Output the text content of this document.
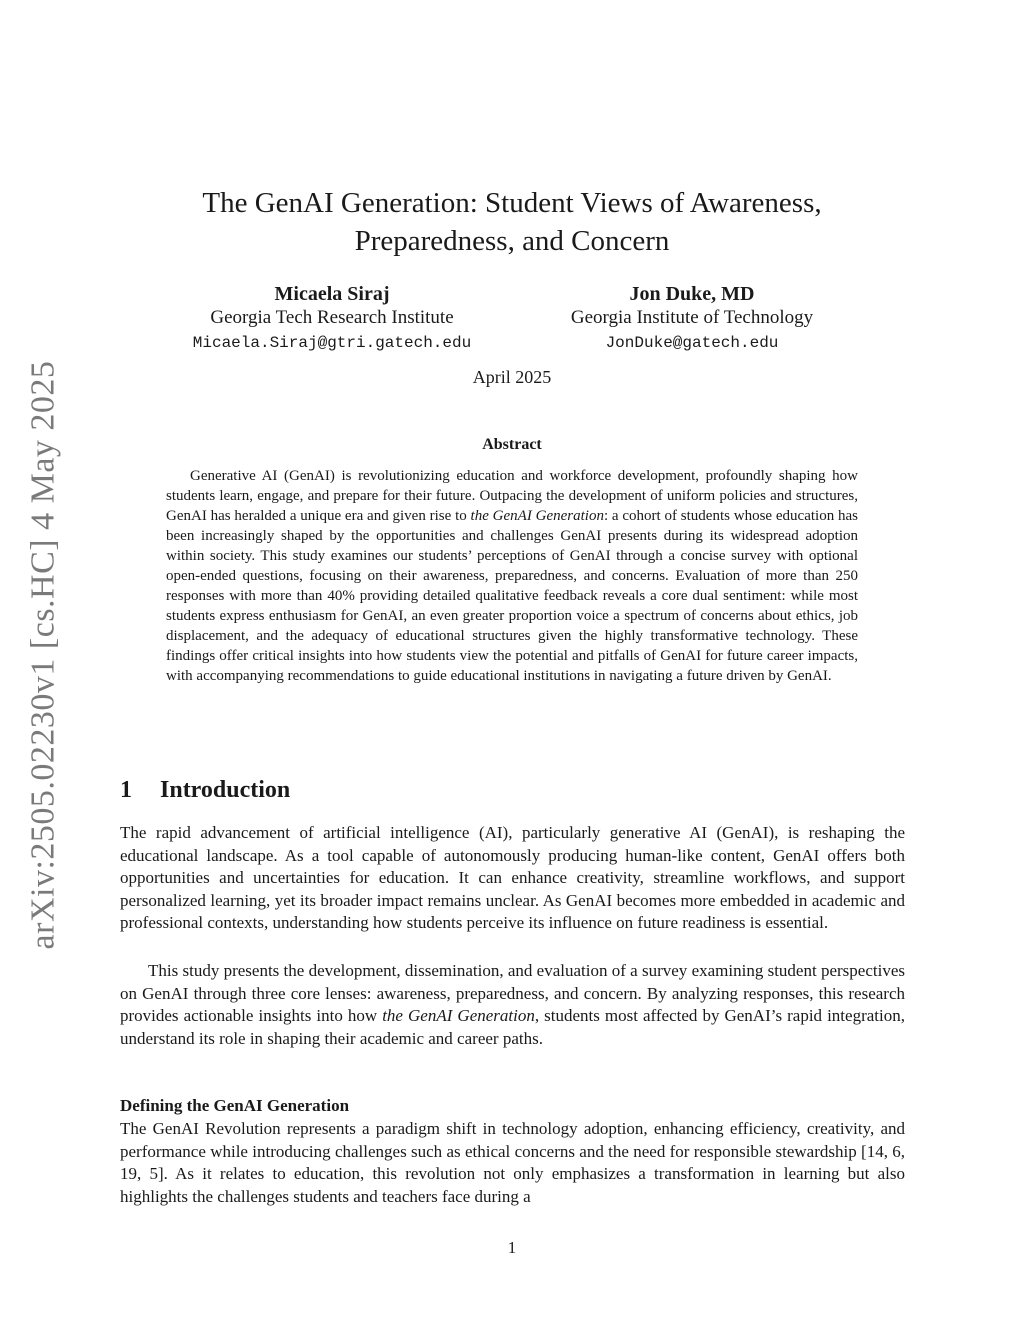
arXiv:2505.02230v1 [cs.HC] 4 May 2025
The GenAI Generation: Student Views of Awareness,
Preparedness, and Concern
Micaela Siraj
Georgia Tech Research Institute
Micaela.Siraj@gtri.gatech.edu
Jon Duke, MD
Georgia Institute of Technology
JonDuke@gatech.edu
April 2025
Abstract

Generative AI (GenAI) is revolutionizing education and workforce development, profoundly shaping how students learn, engage, and prepare for their future. Outpacing the development of uniform policies and structures, GenAI has heralded a unique era and given rise to the GenAI Generation: a cohort of students whose education has been increasingly shaped by the opportunities and challenges GenAI presents during its widespread adoption within society. This study examines our students’ perceptions of GenAI through a concise survey with optional open-ended questions, focusing on their awareness, preparedness, and concerns. Evaluation of more than 250 responses with more than 40% providing detailed qualitative feedback reveals a core dual sentiment: while most students express enthusiasm for GenAI, an even greater proportion voice a spectrum of concerns about ethics, job displacement, and the adequacy of educational structures given the highly transformative technology. These findings offer critical insights into how students view the potential and pitfalls of GenAI for future career impacts, with accompanying recommendations to guide educational institutions in navigating a future driven by GenAI.

1 Introduction

The rapid advancement of artificial intelligence (AI), particularly generative AI (GenAI), is reshaping the educational landscape. As a tool capable of autonomously producing human-like content, GenAI offers both opportunities and uncertainties for education. It can enhance creativity, streamline workflows, and support personalized learning, yet its broader impact remains unclear. As GenAI becomes more embedded in academic and professional contexts, understanding how students perceive its influence on future readiness is essential.

This study presents the development, dissemination, and evaluation of a survey examining student perspectives on GenAI through three core lenses: awareness, preparedness, and concern. By analyzing responses, this research provides actionable insights into how the GenAI Generation, students most affected by GenAI’s rapid integration, understand its role in shaping their academic and career paths.

Defining the GenAI Generation

The GenAI Revolution represents a paradigm shift in technology adoption, enhancing efficiency, creativity, and performance while introducing challenges such as ethical concerns and the need for responsible stewardship [14, 6, 19, 5]. As it relates to education, this revolution not only emphasizes a transformation in learning but also highlights the challenges students and teachers face during a

1
